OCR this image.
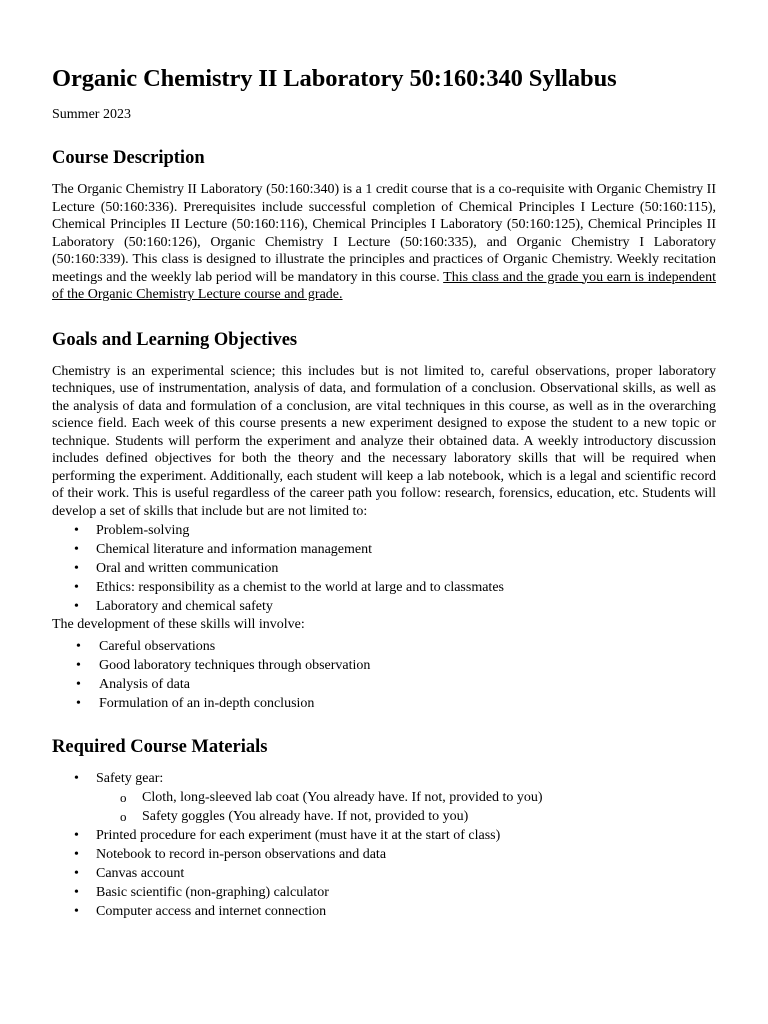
Organic Chemistry II Laboratory 50:160:340 Syllabus
Summer 2023
Course Description

The Organic Chemistry II Laboratory (50:160:340) is a 1 credit course that is a co-requisite with Organic Chemistry II Lecture (50:160:336). Prerequisites include successful completion of Chemical Principles I Lecture (50:160:115), Chemical Principles II Lecture (50:160:116), Chemical Principles I Laboratory (50:160:125), Chemical Principles II Laboratory (50:160:126), Organic Chemistry I Lecture (50:160:335), and Organic Chemistry I Laboratory (50:160:339). This class is designed to illustrate the principles and practices of Organic Chemistry. Weekly recitation meetings and the weekly lab period will be mandatory in this course. This class and the grade you earn is independent of the Organic Chemistry Lecture course and grade.

Goals and Learning Objectives

Chemistry is an experimental science; this includes but is not limited to, careful observations, proper laboratory techniques, use of instrumentation, analysis of data, and formulation of a conclusion. Observational skills, as well as the analysis of data and formulation of a conclusion, are vital techniques in this course, as well as in the overarching science field. Each week of this course presents a new experiment designed to expose the student to a new topic or technique. Students will perform the experiment and analyze their obtained data. A weekly introductory discussion includes defined objectives for both the theory and the necessary laboratory skills that will be required when performing the experiment. Additionally, each student will keep a lab notebook, which is a legal and scientific record of their work. This is useful regardless of the career path you follow: research, forensics, education, etc. Students will develop a set of skills that include but are not limited to:

• Problem-solving
• Chemical literature and information management
• Oral and written communication
• Ethics: responsibility as a chemist to the world at large and to classmates
• Laboratory and chemical safety

The development of these skills will involve:

• Careful observations
• Good laboratory techniques through observation
• Analysis of data
• Formulation of an in-depth conclusion
Required Course Materials
• Safety gear:
o Cloth, long-sleeved lab coat (You already have. If not, provided to you)
o Safety goggles (You already have. If not, provided to you)
• Printed procedure for each experiment (must have it at the start of class)
• Notebook to record in-person observations and data
• Canvas account
• Basic scientific (non-graphing) calculator
• Computer access and internet connection
